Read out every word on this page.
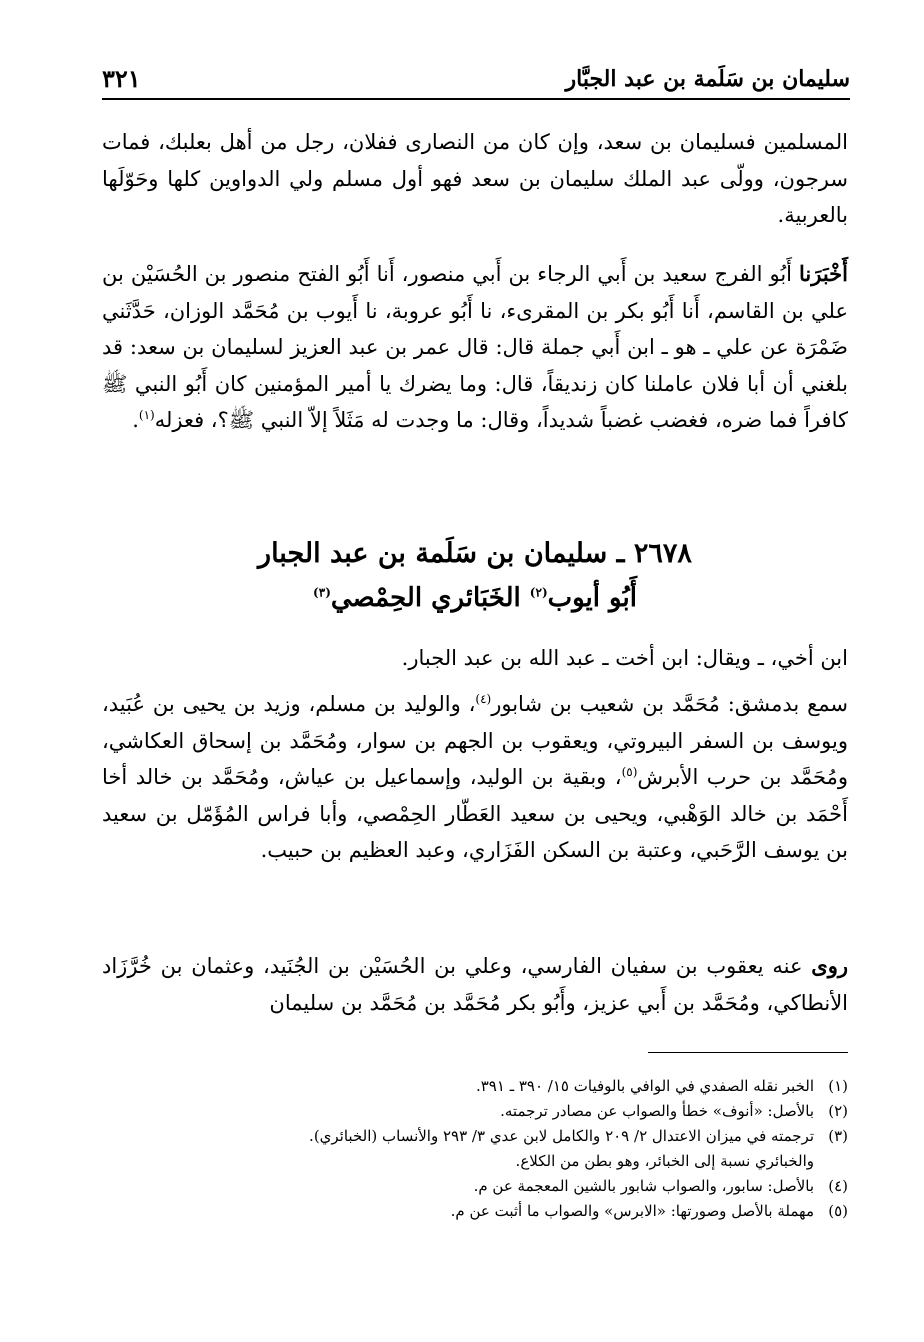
سليمان بن سَلَمة بن عبد الجبَّار
٣٢١

المسلمين فسليمان بن سعد، وإن كان من النصارى ففلان، رجل من أهل بعلبك، فمات سرجون، وولّى عبد الملك سليمان بن سعد فهو أول مسلم ولي الدواوين كلها وحَوّلَها بالعربية.

أَخْبَرَنا أَبُو الفرج سعيد بن أَبي الرجاء بن أَبي منصور، أَنا أَبُو الفتح منصور بن الحُسَيْن بن علي بن القاسم، أَنا أَبُو بكر بن المقرىء، نا أَبُو عروبة، نا أَيوب بن مُحَمَّد الوزان، حَدَّثَني ضَمْرَة عن علي ـ هو ـ ابن أَبي جملة قال: قال عمر بن عبد العزيز لسليمان بن سعد: قد بلغني أن أبا فلان عاملنا كان زنديقاً، قال: وما يضرك يا أمير المؤمنين كان أَبُو النبي ﷺ كافراً فما ضره، فغضب غضباً شديداً، وقال: ما وجدت له مَثَلاً إلاّ النبي ﷺ؟، فعزله$^{(١)}$.

٢٦٧٨ ـ سليمان بن سَلَمة بن عبد الجبار
أَبُو أيوب$^{(٢)}$ الخَبَائري الحِمْصي$^{(٣)}$

ابن أخي، ـ ويقال: ابن أخت ـ عبد الله بن عبد الجبار.

سمع بدمشق: مُحَمَّد بن شعيب بن شابور$^{(٤)}$، والوليد بن مسلم، وزيد بن يحيى بن عُبَيد، ويوسف بن السفر البيروتي، ويعقوب بن الجهم بن سوار، ومُحَمَّد بن إسحاق العكاشي، ومُحَمَّد بن حرب الأبرش$^{(٥)}$، وبقية بن الوليد، وإسماعيل بن عياش، ومُحَمَّد بن خالد أخا أَحْمَد بن خالد الوَهْبي، ويحيى بن سعيد العَطّار الحِمْصي، وأبا فراس المُؤَمّل بن سعيد بن يوسف الرَّحَبي، وعتبة بن السكن الفَزَاري، وعبد العظيم بن حبيب.

روى عنه يعقوب بن سفيان الفارسي، وعلي بن الحُسَيْن بن الجُنَيد، وعثمان بن خُرَّزَاد الأنطاكي، ومُحَمَّد بن أَبي عزيز، وأَبُو بكر مُحَمَّد بن مُحَمَّد بن سليمان

(١)
الخبر نقله الصفدي في الوافي بالوفيات ١٥/ ٣٩٠ ـ ٣٩١.
(٢)
بالأصل: «أنوف» خطأ والصواب عن مصادر ترجمته.
(٣)
ترجمته في ميزان الاعتدال ٢/ ٢٠٩ والكامل لابن عدي ٣/ ٢٩٣ والأنساب (الخبائري).
والخبائري نسبة إلى الخبائر، وهو بطن من الكلاع.
(٤)
بالأصل: سابور، والصواب شابور بالشين المعجمة عن م.
(٥)
مهملة بالأصل وصورتها: «الابرس» والصواب ما أثبت عن م.
